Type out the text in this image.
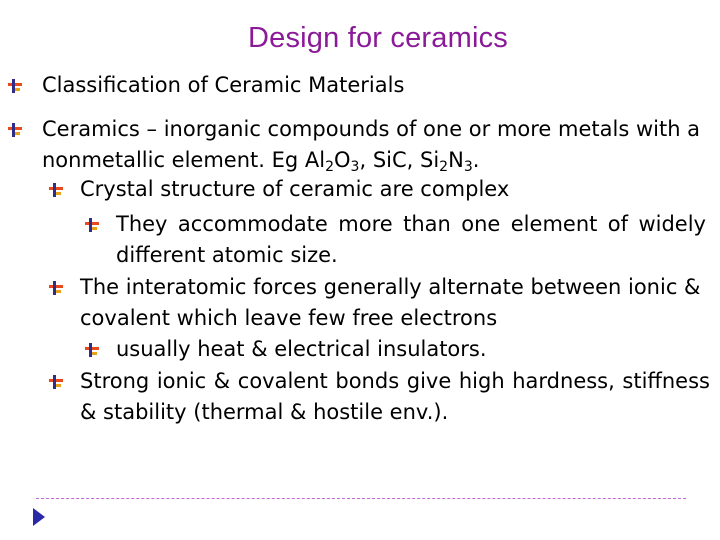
Design for ceramics
Classification of Ceramic Materials
Ceramics – inorganic compounds of one or more metals with a nonmetallic element. Eg $Al_2O_3$, SiC, $Si_2N_3$.
Crystal structure of ceramic are complex
They accommodate more than one element of widely different atomic size.
The interatomic forces generally alternate between ionic & covalent which leave few free electrons
usually heat & electrical insulators.
Strong ionic & covalent bonds give high hardness, stiffness & stability (thermal & hostile env.).
